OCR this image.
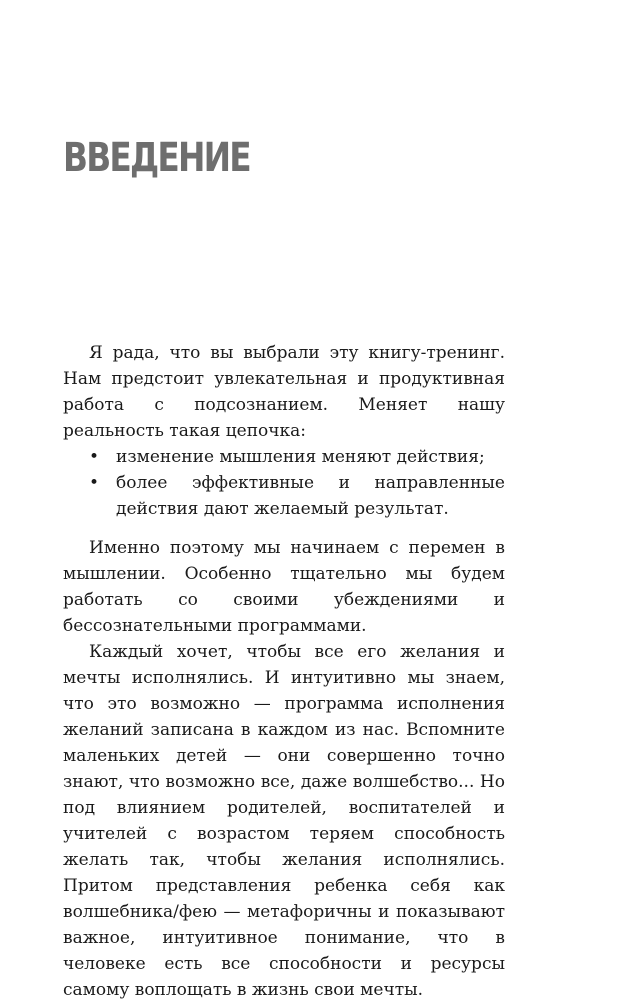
ВВЕДЕНИЕ

Я рада, что вы выбрали эту книгу-тренинг. Нам предстоит увлекательная и продуктивная работа с подсознанием. Меняет нашу реальность такая цепочка:

• изменение мышления меняют действия;
• более эффективные и направленные действия дают желаемый результат.

Именно поэтому мы начинаем с перемен в мышлении. Особенно тщательно мы будем работать со своими убеждениями и бессознательными программами.

Каждый хочет, чтобы все его желания и мечты исполнялись. И интуитивно мы знаем, что это возможно — программа исполнения желаний записана в каждом из нас. Вспомните маленьких детей — они совершенно точно знают, что возможно все, даже волшебство... Но под влиянием родителей, воспитателей и учителей с возрастом теряем способность желать так, чтобы желания исполнялись. Притом представления ребенка себя как волшебника/фею — метафоричны и показывают важное, интуитивное понимание, что в человеке есть все способности и ресурсы самому воплощать в жизнь свои мечты.
